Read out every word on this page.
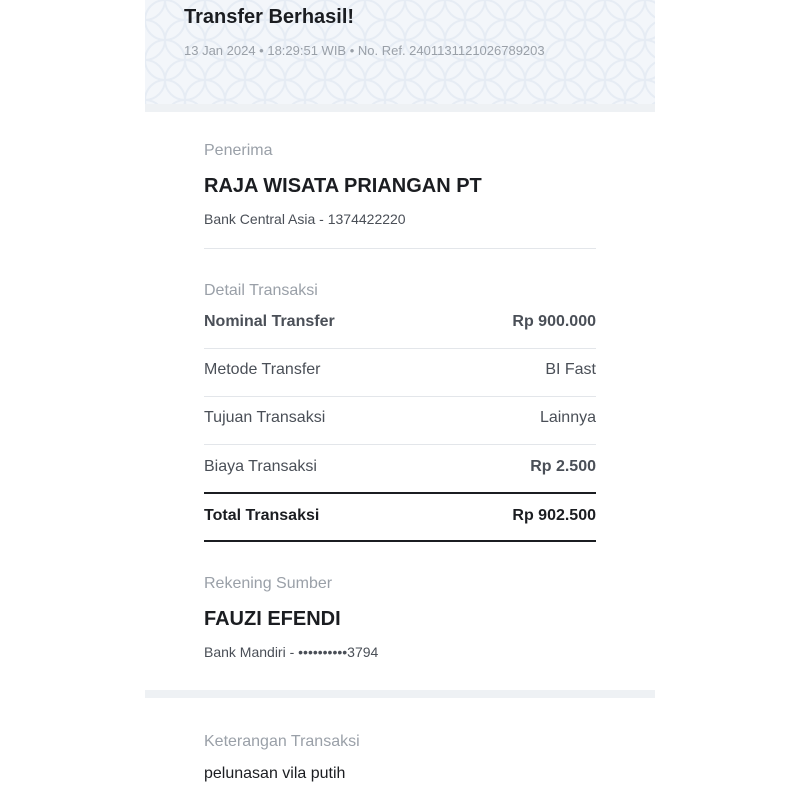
Transfer Berhasil!
13 Jan 2024 • 18:29:51 WIB • No. Ref. 2401131121026789203
Penerima
RAJA WISATA PRIANGAN PT
Bank Central Asia - 1374422220
Detail Transaksi
Nominal Transfer	Rp 900.000
Metode Transfer	BI Fast
Tujuan Transaksi	Lainnya
Biaya Transaksi	Rp 2.500
Total Transaksi	Rp 902.500
Rekening Sumber
FAUZI EFENDI
Bank Mandiri - ••••••••••3794
Keterangan Transaksi
pelunasan vila putih
